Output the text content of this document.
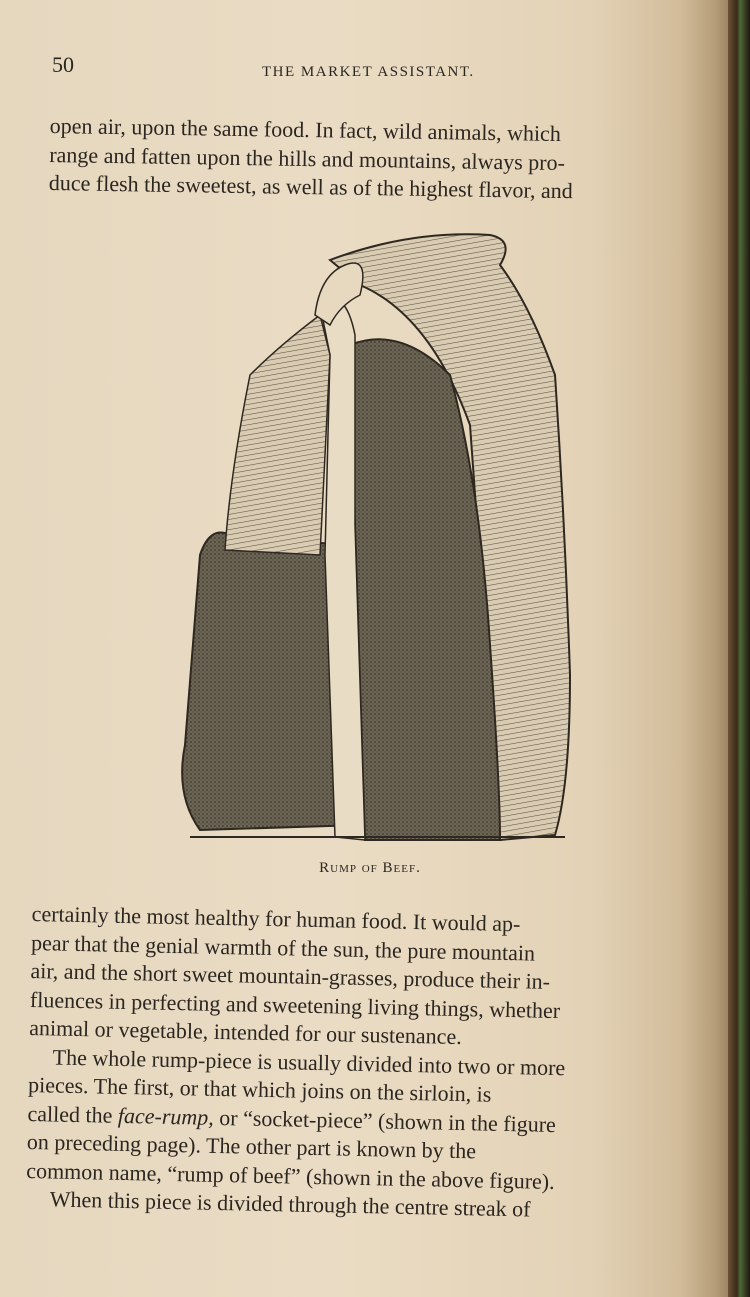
50	THE MARKET ASSISTANT.
open air, upon the same food. In fact, wild animals, which
range and fatten upon the hills and mountains, always pro-
duce flesh the sweetest, as well as of the highest flavor, and
Rump of Beef.
certainly the most healthy for human food. It would ap-
pear that the genial warmth of the sun, the pure mountain
air, and the short sweet mountain-grasses, produce their in-
fluences in perfecting and sweetening living things, whether
animal or vegetable, intended for our sustenance.
The whole rump-piece is usually divided into two or more
pieces. The first, or that which joins on the sirloin, is
called the face-rump, or “socket-piece” (shown in the figure
on preceding page). The other part is known by the
common name, “rump of beef” (shown in the above figure).
When this piece is divided through the centre streak of
